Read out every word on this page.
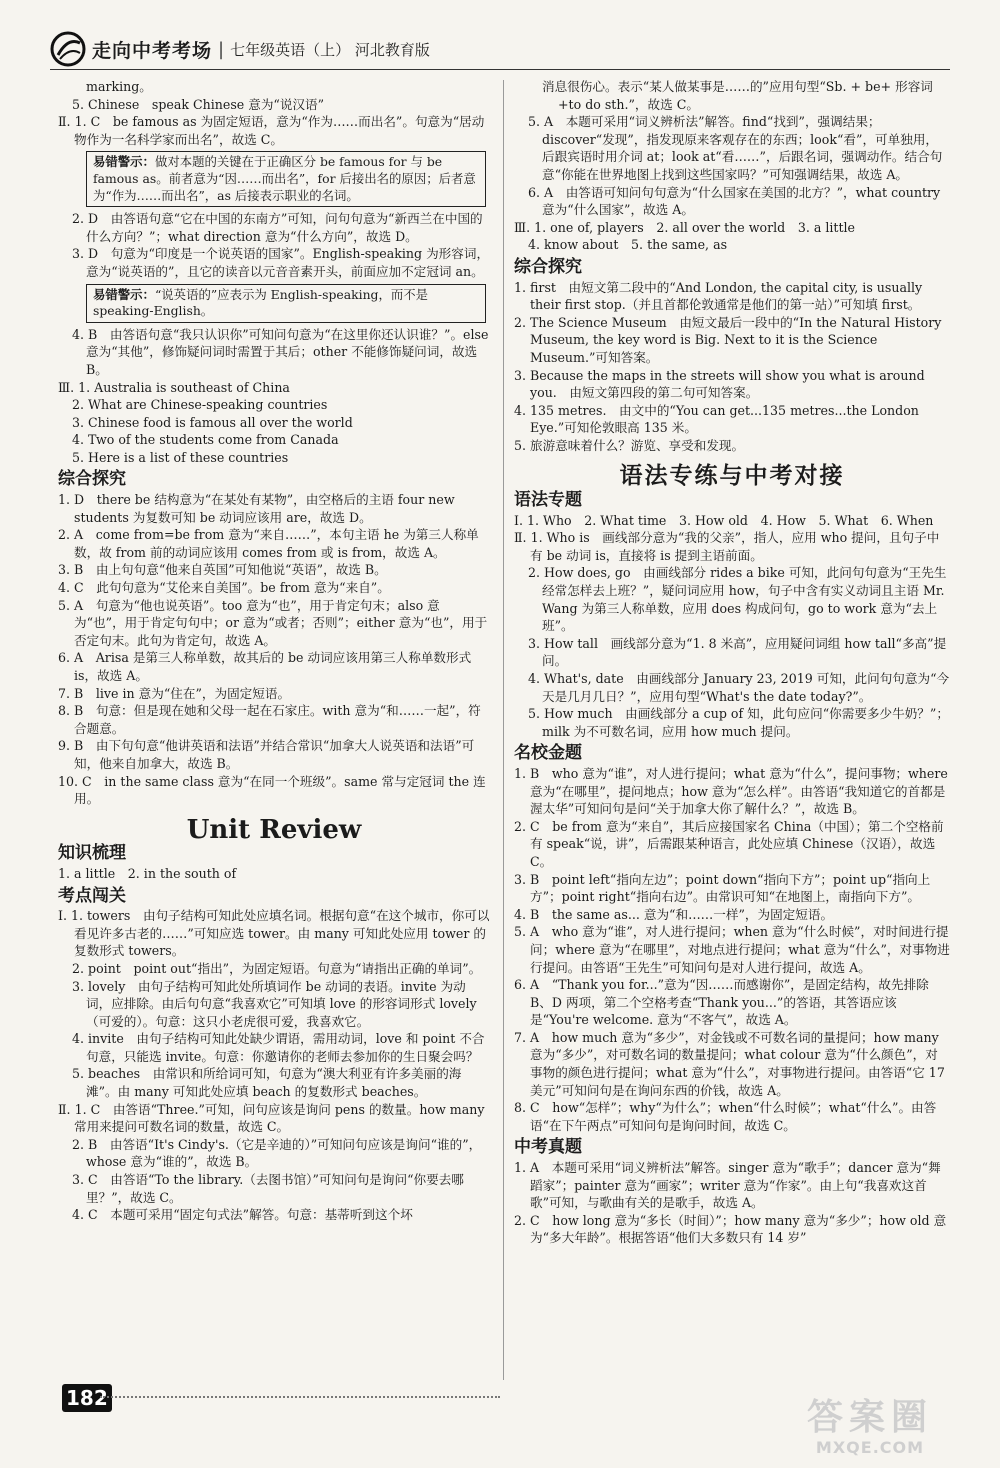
走向中考考场 | 七年级英语（上） 河北教育版

marking。

5. Chinese　speak Chinese 意为“说汉语”

Ⅱ. 1. C　be famous as 为固定短语，意为“作为……而出名”。句意为“居动物作为一名科学家而出名”，故选 C。

易错警示：做对本题的关键在于正确区分 be famous for 与 be famous as。前者意为“因……而出名”，for 后接出名的原因；后者意为“作为……而出名”，as 后接表示职业的名词。

2. D　由答语句意“它在中国的东南方”可知，问句句意为“新西兰在中国的什么方向？”；what direction 意为“什么方向”，故选 D。

3. D　句意为“印度是一个说英语的国家”。English-speaking 为形容词，意为“说英语的”，且它的读音以元音音素开头，前面应加不定冠词 an。

易错警示：“说英语的”应表示为 English-speaking，而不是 speaking-English。

4. B　由答语句意“我只认识你”可知问句意为“在这里你还认识谁？”。else 意为“其他”，修饰疑问词时需置于其后；other 不能修饰疑问词，故选 B。

Ⅲ. 1. Australia is southeast of China

2. What are Chinese-speaking countries

3. Chinese food is famous all over the world

4. Two of the students come from Canada

5. Here is a list of these countries

综合探究

1. D　there be 结构意为“在某处有某物”，由空格后的主语 four new students 为复数可知 be 动词应该用 are，故选 D。

2. A　come from=be from 意为“来自……”，本句主语 he 为第三人称单数，故 from 前的动词应该用 comes from 或 is from，故选 A。

3. B　由上句句意“他来自英国”可知他说“英语”，故选 B。

4. C　此句句意为“艾伦来自美国”。be from 意为“来自”。

5. A　句意为“他也说英语”。too 意为“也”，用于肯定句末；also 意为“也”，用于肯定句句中；or 意为“或者；否则”；either 意为“也”，用于否定句末。此句为肯定句，故选 A。

6. A　Arisa 是第三人称单数，故其后的 be 动词应该用第三人称单数形式 is，故选 A。

7. B　live in 意为“住在”，为固定短语。

8. B　句意：但是现在她和父母一起在石家庄。with 意为“和……一起”，符合题意。

9. B　由下句句意“他讲英语和法语”并结合常识“加拿大人说英语和法语”可知，他来自加拿大，故选 B。

10. C　in the same class 意为“在同一个班级”。same 常与定冠词 the 连用。

Unit Review
知识梳理

1. a little　2. in the south of

考点闯关

Ⅰ. 1. towers　由句子结构可知此处应填名词。根据句意“在这个城市，你可以看见许多古老的……”可知应选 tower。由 many 可知此处应用 tower 的复数形式 towers。

2. point　point out“指出”，为固定短语。句意为“请指出正确的单词”。

3. lovely　由句子结构可知此处所填词作 be 动词的表语。invite 为动词，应排除。由后句句意“我喜欢它”可知填 love 的形容词形式 lovely（可爱的）。句意：这只小老虎很可爱，我喜欢它。

4. invite　由句子结构可知此处缺少谓语，需用动词，love 和 point 不合句意，只能选 invite。句意：你邀请你的老师去参加你的生日聚会吗？

5. beaches　由常识和所给词可知，句意为“澳大利亚有许多美丽的海滩”。由 many 可知此处应填 beach 的复数形式 beaches。

Ⅱ. 1. C　由答语“Three.”可知，问句应该是询问 pens 的数量。how many 常用来提问可数名词的数量，故选 C。

2. B　由答语“It's Cindy's.（它是辛迪的）”可知问句应该是询问“谁的”，whose 意为“谁的”，故选 B。

3. C　由答语“To the library.（去图书馆）”可知问句是询问“你要去哪里？”，故选 C。

4. C　本题可采用“固定句式法”解答。句意：基蒂听到这个坏

消息很伤心。表示“某人做某事是……的”应用句型“Sb. + be+ 形容词 +to do sth.”，故选 C。

5. A　本题可采用“词义辨析法”解答。find“找到”，强调结果；discover“发现”，指发现原来客观存在的东西；look“看”，可单独用，后跟宾语时用介词 at；look at“看……”，后跟名词，强调动作。结合句意“你能在世界地图上找到这些国家吗？”可知强调结果，故选 A。

6. A　由答语可知问句句意为“什么国家在美国的北方？”，what country 意为“什么国家”，故选 A。

Ⅲ. 1. one of, players　2. all over the world　3. a little

4. know about　5. the same, as

综合探究

1. first　由短文第二段中的“And London, the capital city, is usually their first stop.（并且首都伦敦通常是他们的第一站）”可知填 first。

2. The Science Museum　由短文最后一段中的“In the Natural History Museum, the key word is Big. Next to it is the Science Museum.”可知答案。

3. Because the maps in the streets will show you what is around you.　由短文第四段的第二句可知答案。

4. 135 metres.　由文中的“You can get...135 metres...the London Eye.”可知伦敦眼高 135 米。

5. 旅游意味着什么？游览、享受和发现。

语法专练与中考对接
语法专题

Ⅰ. 1. Who　2. What time　3. How old　4. How　5. What　6. When

Ⅱ. 1. Who is　画线部分意为“我的父亲”，指人，应用 who 提问，且句子中有 be 动词 is，直接将 is 提到主语前面。

2. How does, go　由画线部分 rides a bike 可知，此问句句意为“王先生经常怎样去上班？”，疑问词应用 how，句子中含有实义动词且主语 Mr. Wang 为第三人称单数，应用 does 构成问句，go to work 意为“去上班”。

3. How tall　画线部分意为“1. 8 米高”，应用疑问词组 how tall“多高”提问。

4. What's, date　由画线部分 January 23, 2019 可知，此问句句意为“今天是几月几日？”，应用句型“What's the date today?”。

5. How much　由画线部分 a cup of 知，此句应问“你需要多少牛奶？”；milk 为不可数名词，应用 how much 提问。

名校金题

1. B　who 意为“谁”，对人进行提问；what 意为“什么”，提问事物；where 意为“在哪里”，提问地点；how 意为“怎么样”。由答语“我知道它的首都是渥太华”可知问句是问“关于加拿大你了解什么？”，故选 B。

2. C　be from 意为“来自”，其后应接国家名 China（中国）；第二个空格前有 speak“说，讲”，后需跟某种语言，此处应填 Chinese（汉语），故选 C。

3. B　point left“指向左边”；point down“指向下方”；point up“指向上方”；point right“指向右边”。由常识可知“在地图上，南指向下方”。

4. B　the same as... 意为“和……一样”，为固定短语。

5. A　who 意为“谁”，对人进行提问；when 意为“什么时候”，对时间进行提问；where 意为“在哪里”，对地点进行提问；what 意为“什么”，对事物进行提问。由答语“王先生”可知问句是对人进行提问，故选 A。

6. A　“Thank you for...”意为“因……而感谢你”，是固定结构，故先排除 B、D 两项，第二个空格考查“Thank you...”的答语，其答语应该是“You're welcome. 意为“不客气”，故选 A。

7. A　how much 意为“多少”，对金钱或不可数名词的量提问；how many 意为“多少”，对可数名词的数量提问；what colour 意为“什么颜色”，对事物的颜色进行提问；what 意为“什么”，对事物进行提问。由答语“它 17 美元”可知问句是在询问东西的价钱，故选 A。

8. C　how“怎样”；why“为什么”；when“什么时候”；what“什么”。由答语“在下午两点”可知问句是询问时间，故选 C。

中考真题

1. A　本题可采用“词义辨析法”解答。singer 意为“歌手”；dancer 意为“舞蹈家”；painter 意为“画家”；writer 意为“作家”。由上句“我喜欢这首歌”可知，与歌曲有关的是歌手，故选 A。

2. C　how long 意为“多长（时间）”；how many 意为“多少”；how old 意为“多大年龄”。根据答语“他们大多数只有 14 岁”

182	答案圈
MXQE.COM
